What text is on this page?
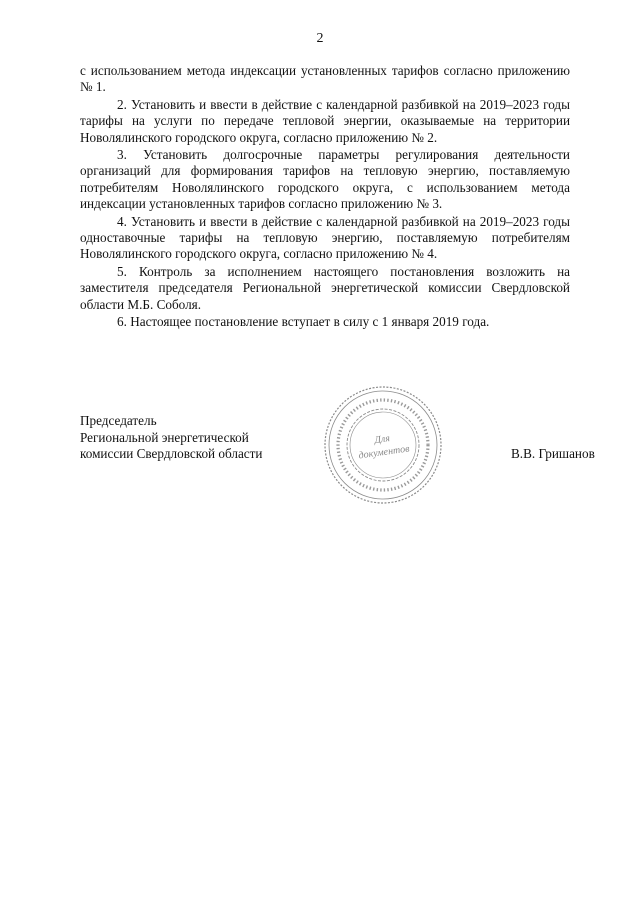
2

с использованием метода индексации установленных тарифов согласно приложению № 1.

2. Установить и ввести в действие с календарной разбивкой на 2019–2023 годы тарифы на услуги по передаче тепловой энергии, оказываемые на территории Новолялинского городского округа, согласно приложению № 2.

3. Установить долгосрочные параметры регулирования деятельности организаций для формирования тарифов на тепловую энергию, поставляемую потребителям Новолялинского городского округа, с использованием метода индексации установленных тарифов согласно приложению № 3.

4. Установить и ввести в действие с календарной разбивкой на 2019–2023 годы одноставочные тарифы на тепловую энергию, поставляемую потребителям Новолялинского городского округа, согласно приложению № 4.

5. Контроль за исполнением настоящего постановления возложить на заместителя председателя Региональной энергетической комиссии Свердловской области М.Б. Соболя.

6. Настоящее постановление вступает в силу с 1 января 2019 года.

Председатель
Региональной энергетической
комиссии Свердловской области
Для
документов	В.В. Гришанов
